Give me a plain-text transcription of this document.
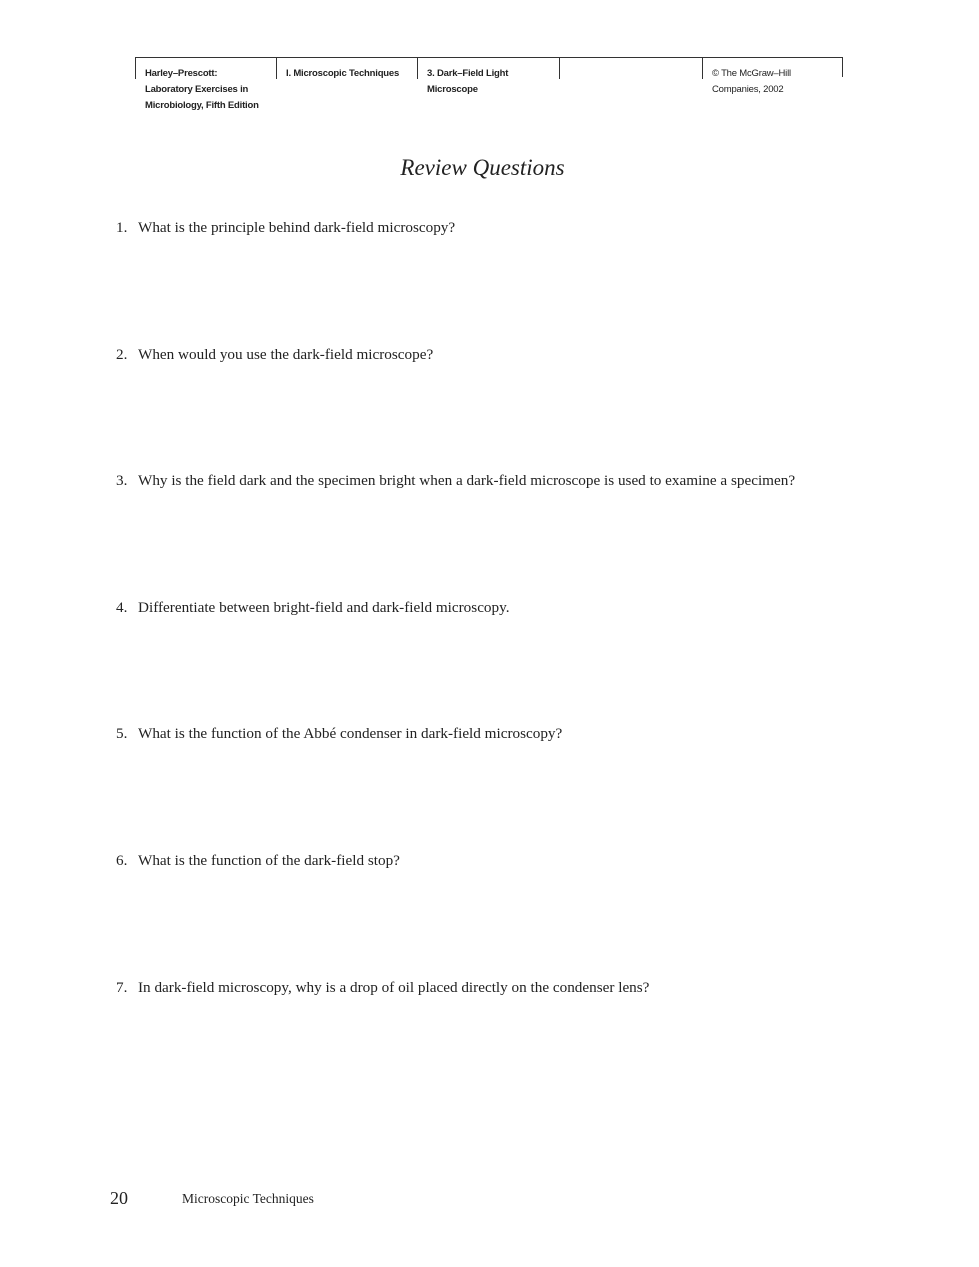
Harley–Prescott:
Laboratory Exercises in
Microbiology, Fifth Edition
I. Microscopic Techniques	3. Dark–Field Light
Microscope
© The McGraw–Hill
Companies, 2002
Review Questions
1. What is the principle behind dark-field microscopy?
2. When would you use the dark-field microscope?
3. Why is the field dark and the specimen bright when a dark-field microscope is used to examine a specimen?
4. Differentiate between bright-field and dark-field microscopy.
5. What is the function of the Abbé condenser in dark-field microscopy?
6. What is the function of the dark-field stop?
7. In dark-field microscopy, why is a drop of oil placed directly on the condenser lens?
20	Microscopic Techniques
